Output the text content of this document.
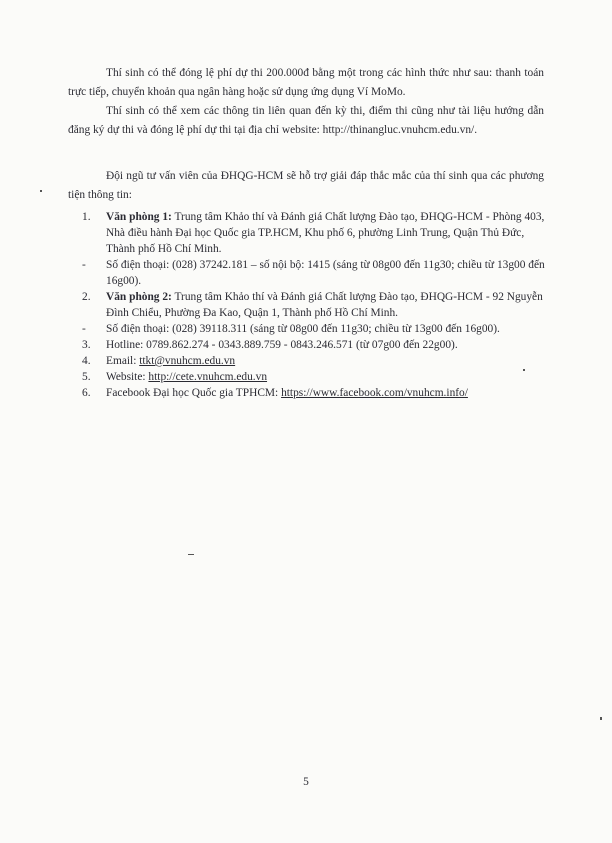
Thí sinh có thể đóng lệ phí dự thi 200.000đ bằng một trong các hình thức như sau: thanh toán trực tiếp, chuyển khoản qua ngân hàng hoặc sử dụng ứng dụng Ví MoMo.

Thí sinh có thể xem các thông tin liên quan đến kỳ thi, điểm thi cũng như tài liệu hướng dẫn đăng ký dự thi và đóng lệ phí dự thi tại địa chỉ website: http://thinangluc.vnuhcm.edu.vn/.

Đội ngũ tư vấn viên của ĐHQG-HCM sẽ hỗ trợ giải đáp thắc mắc của thí sinh qua các phương tiện thông tin:

1.	Văn phòng 1: Trung tâm Khảo thí và Đánh giá Chất lượng Đào tạo, ĐHQG-HCM - Phòng 403, Nhà điều hành Đại học Quốc gia TP.HCM, Khu phố 6, phường Linh Trung, Quận Thủ Đức, Thành phố Hồ Chí Minh.
-	Số điện thoại: (028) 37242.181 – số nội bộ: 1415 (sáng từ 08g00 đến 11g30; chiều từ 13g00 đến 16g00).
2.	Văn phòng 2: Trung tâm Khảo thí và Đánh giá Chất lượng Đào tạo, ĐHQG-HCM - 92 Nguyễn Đình Chiểu, Phường Đa Kao, Quận 1, Thành phố Hồ Chí Minh.
-	Số điện thoại: (028) 39118.311 (sáng từ 08g00 đến 11g30; chiều từ 13g00 đến 16g00).
3.	Hotline: 0789.862.274 - 0343.889.759 - 0843.246.571 (từ 07g00 đến 22g00).
4.	Email: ttkt@vnuhcm.edu.vn
5.	Website: http://cete.vnuhcm.edu.vn
6.	Facebook Đại học Quốc gia TPHCM: https://www.facebook.com/vnuhcm.info/
5
